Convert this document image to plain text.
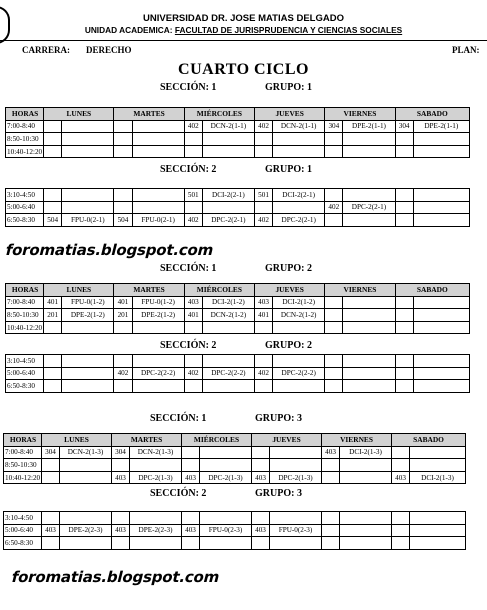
UNIVERSIDAD DR. JOSE MATIAS DELGADO
UNIDAD ACADEMICA: FACULTAD DE JURISPRUDENCIA Y CIENCIAS SOCIALES
CARRERA: DERECHO	PLAN:
CUARTO CICLO
SECCIÓN: 1	GRUPO: 1
HORAS	LUNES		MARTES		MIÉRCOLES		JUEVES		VIERNES		SABADO	
7:00-8:40					402	DCN-2(1-1)	402	DCN-2(1-1)	304	DPE-2(1-1)	304	DPE-2(1-1)
8:50-10:30												
10:40-12:20												
SECCIÓN: 2	GRUPO: 1
3:10-4:50					501	DCI-2(2-1)	501	DCI-2(2-1)				
5:00-6:40									402	DPC-2(2-1)		
6:50-8:30	504	FPU-0(2-1)	504	FPU-0(2-1)	402	DPC-2(2-1)	402	DPC-2(2-1)				
foromatias.blogspot.com
SECCIÓN: 1	GRUPO: 2
HORAS	LUNES		MARTES		MIÉRCOLES		JUEVES		VIERNES		SABADO	
7:00-8:40	401	FPU-0(1-2)	401	FPU-0(1-2)	403	DCI-2(1-2)	403	DCI-2(1-2)				
8:50-10:30	201	DPE-2(1-2)	201	DPE-2(1-2)	401	DCN-2(1-2)	401	DCN-2(1-2)				
10:40-12:20												
SECCIÓN: 2	GRUPO: 2
3:10-4:50												
5:00-6:40			402	DPC-2(2-2)	402	DPC-2(2-2)	402	DPC-2(2-2)				
6:50-8:30												
SECCIÓN: 1	GRUPO: 3
HORAS	LUNES		MARTES		MIÉRCOLES		JUEVES		VIERNES		SABADO	
7:00-8:40	304	DCN-2(1-3)	304	DCN-2(1-3)					403	DCI-2(1-3)		
8:50-10:30												
10:40-12:20			403	DPC-2(1-3)	403	DPC-2(1-3)	403	DPC-2(1-3)			403	DCI-2(1-3)
SECCIÓN: 2	GRUPO: 3
3:10-4:50												
5:00-6:40	403	DPE-2(2-3)	403	DPE-2(2-3)	403	FPU-0(2-3)	403	FPU-0(2-3)				
6:50-8:30												
foromatias.blogspot.com
